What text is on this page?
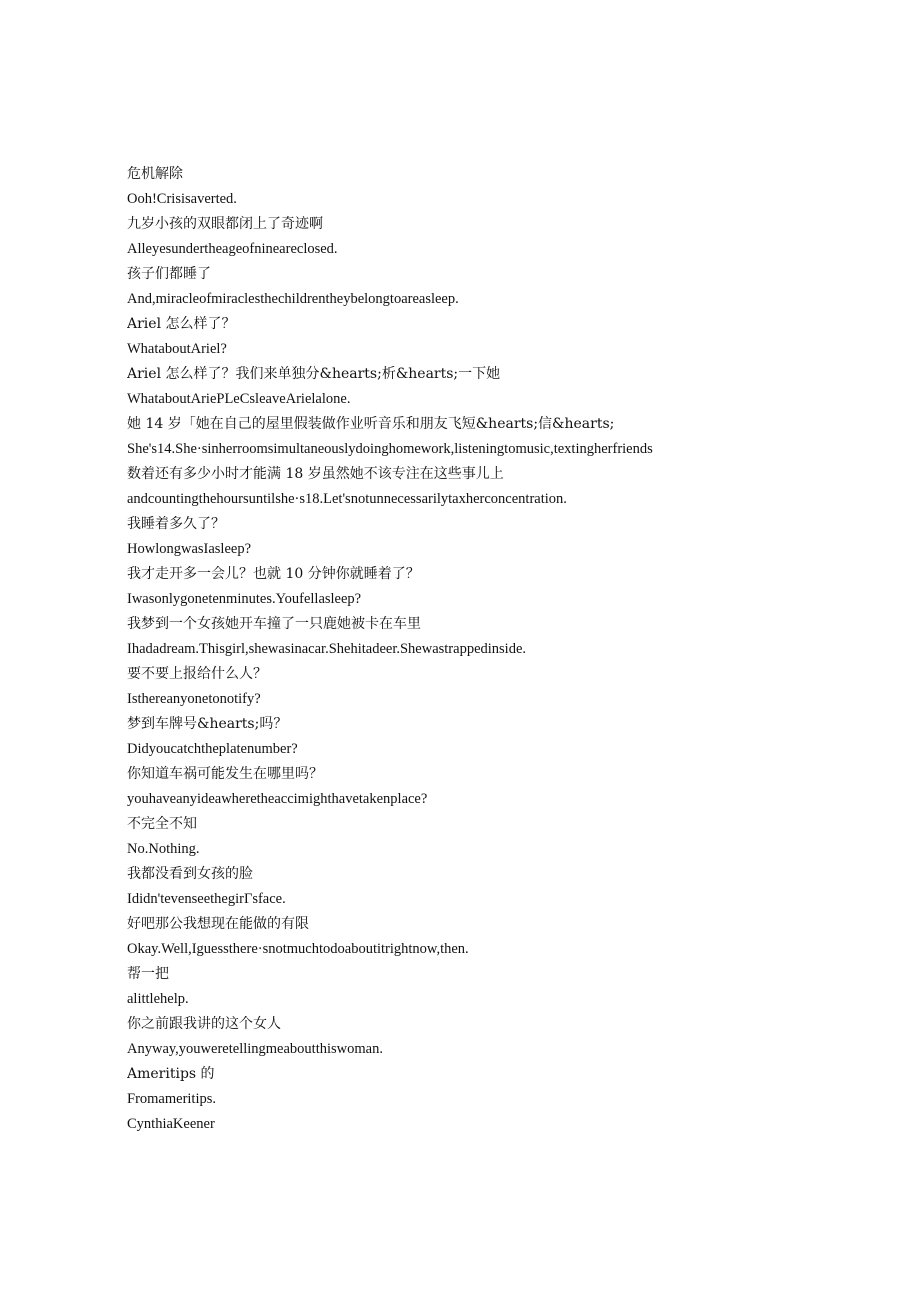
危机解除
Ooh!Crisisaverted.
九岁小孩的双眼都闭上了奇迹啊
Alleyesundertheageofnineareclosed.
孩子们都睡了
And,miracleofmiraclesthechildrentheybelongtoareasleep.
Ariel 怎么样了？
WhataboutAriel?
Ariel 怎么样了？我们来单独分&hearts;析&hearts;一下她
WhataboutAriePLeCsleaveArielalone.
她 14 岁「她在自己的屋里假装做作业听音乐和朋友飞短&hearts;信&hearts;
She's14.She·sinherroomsimultaneouslydoinghomework,listeningtomusic,textingherfriends
数着还有多少小时才能满 18 岁虽然她不该专注在这些事儿上
andcountingthehoursuntilshe·s18.Let'snotunnecessarilytaxherconcentration.
我睡着多久了？
HowlongwasIasleep?
我才走开多一会儿？也就 10 分钟你就睡着了？
Iwasonlygonetenminutes.Youfellasleep?
我梦到一个女孩她开车撞了一只鹿她被卡在车里
Ihadadream.Thisgirl,shewasinacar.Shehitadeer.Shewastrappedinside.
要不要上报给什么人？
Isthereanyonetonotify?
梦到车牌号&hearts;吗？
Didyoucatchtheplatenumber?
你知道车祸可能发生在哪里吗？
youhaveanyideawheretheaccimighthavetakenplace?
不完全不知
No.Nothing.
我都没看到女孩的脸
Ididn'tevenseethegirΓsface.
好吧那公我想现在能做的有限
Okay.Well,Iguessthere·snotmuchtodoaboutitrightnow,then.
帮一把
alittlehelp.
你之前跟我讲的这个女人
Anyway,youweretellingmeaboutthiswoman.
Ameritips 的
Fromameritips.
CynthiaKeener
